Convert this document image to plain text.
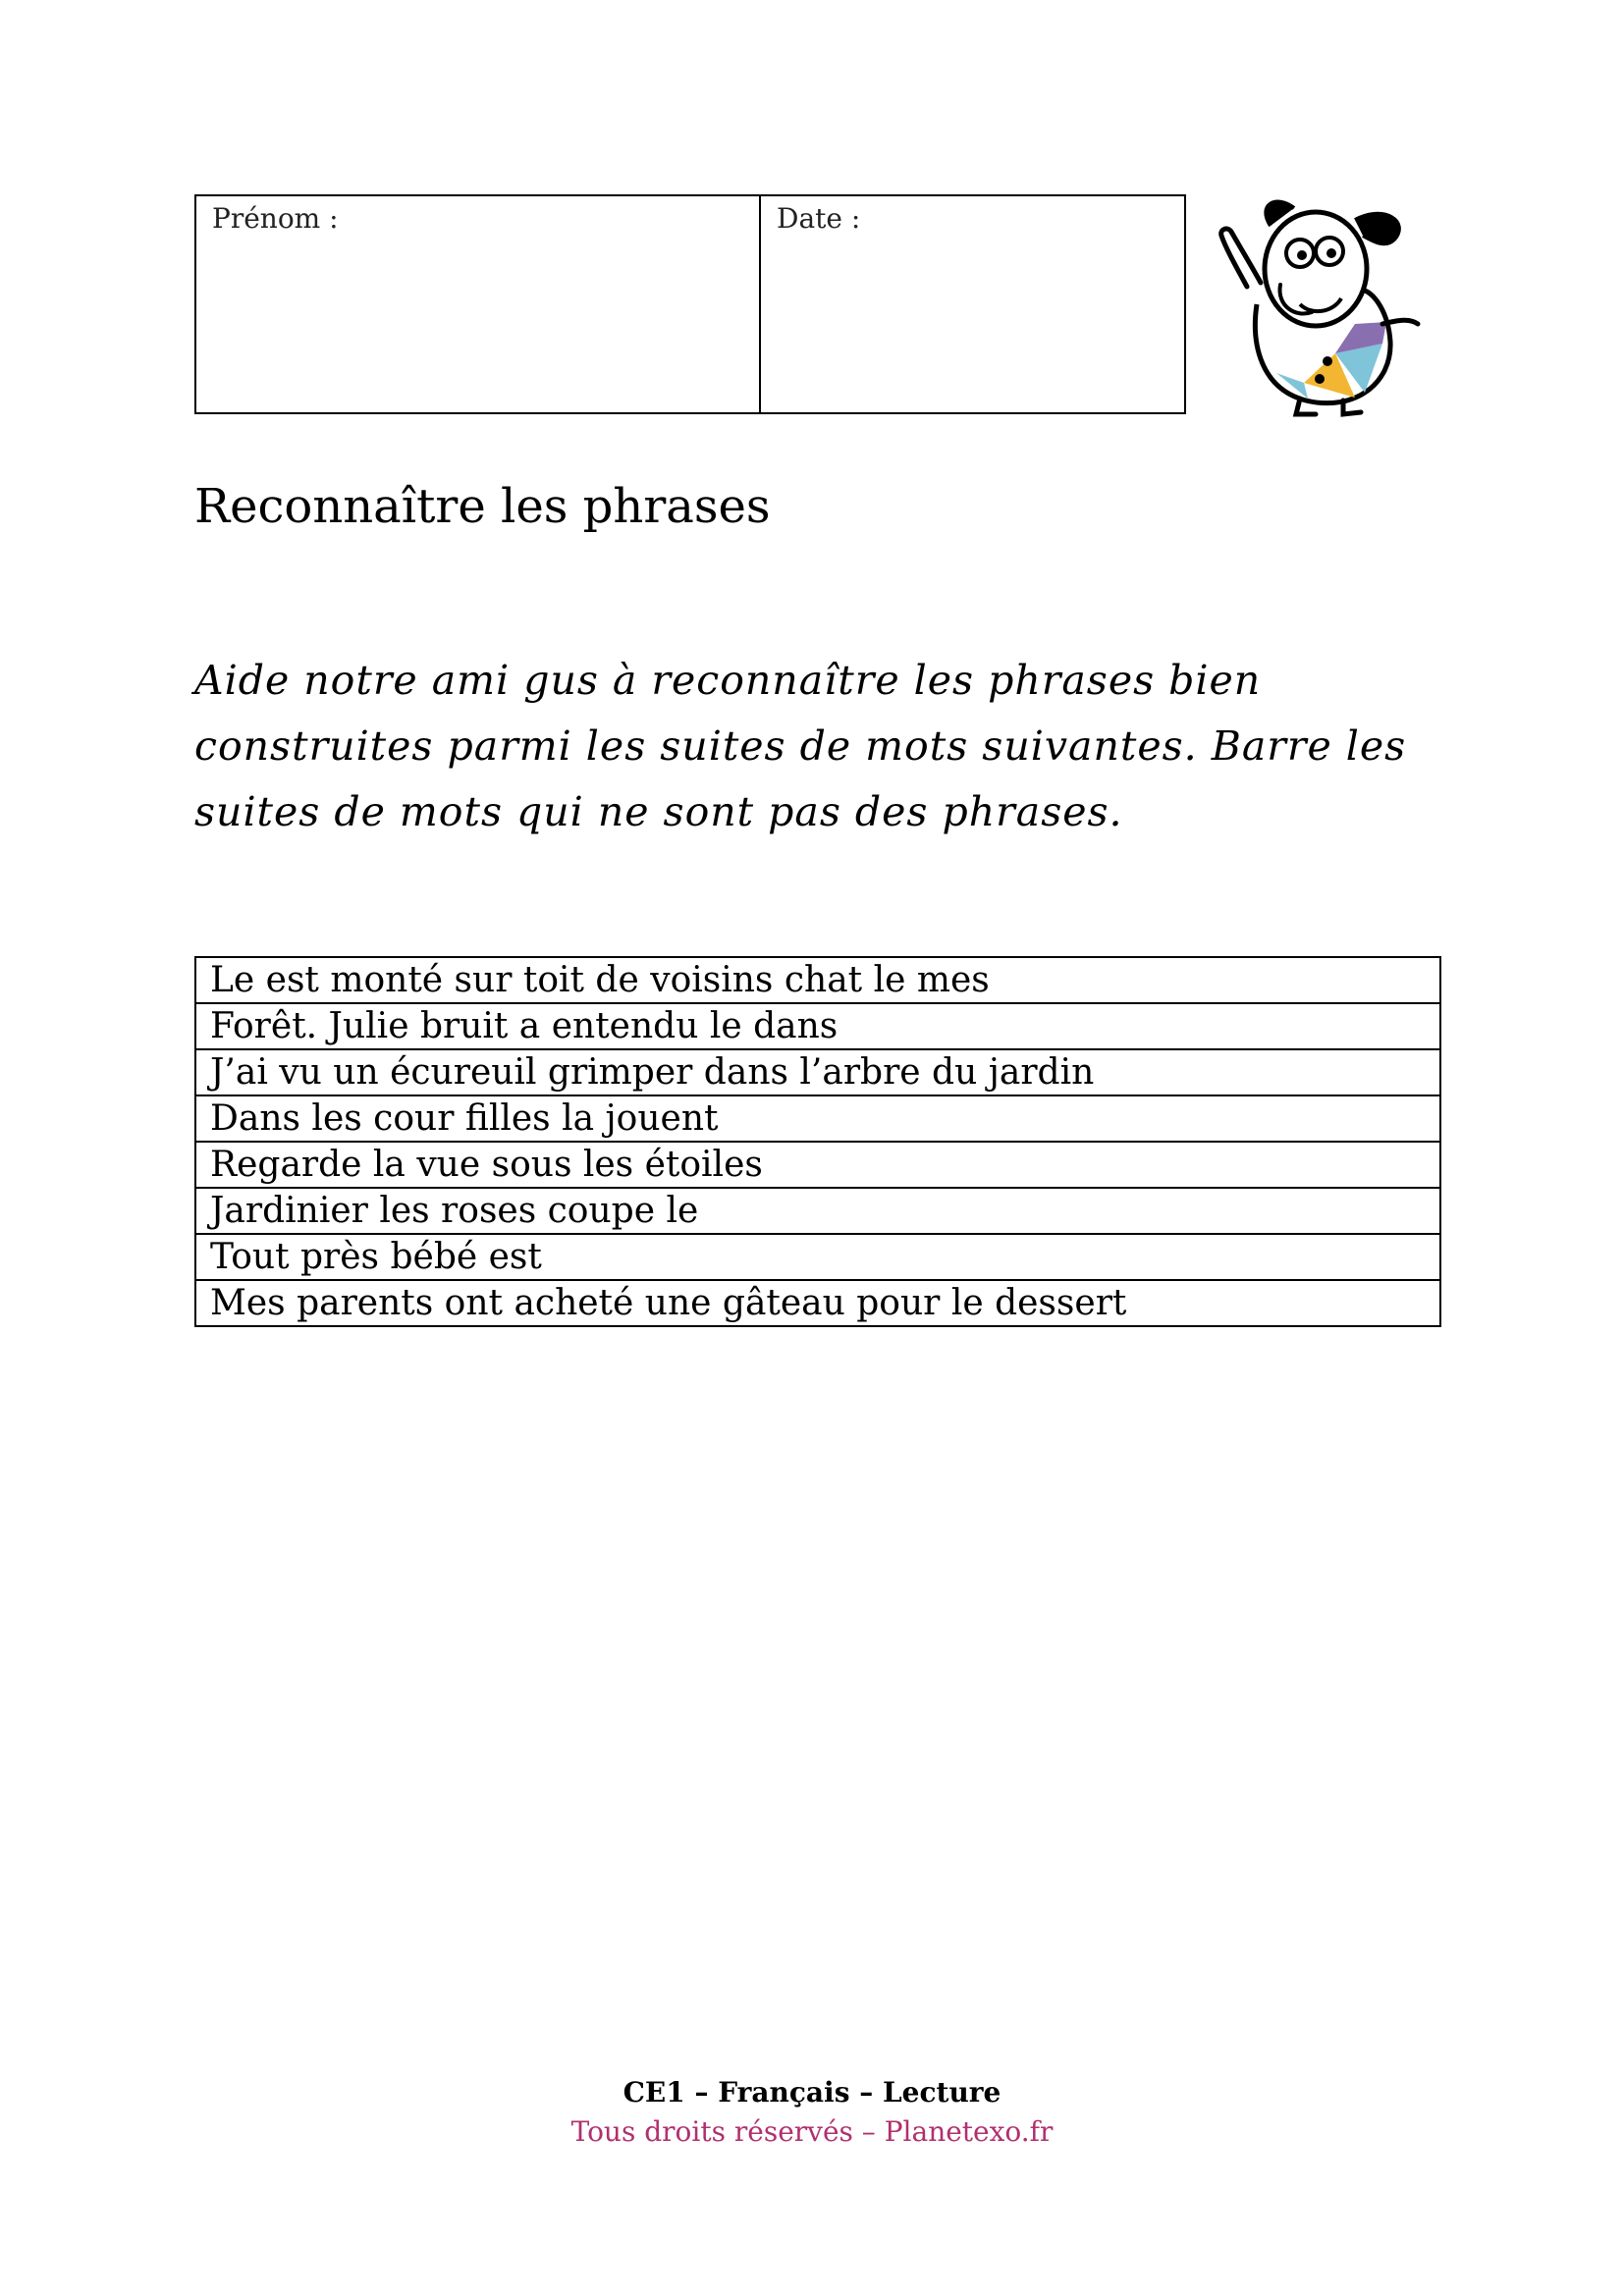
Prénom :	Date :
Reconnaître les phrases

Aide notre ami gus à reconnaître les phrases bien construites parmi les suites de mots suivantes. Barre les suites de mots qui ne sont pas des phrases.

Le est monté sur toit de voisins chat le mes
Forêt. Julie bruit a entendu le dans
J’ai vu un écureuil grimper dans l’arbre du jardin
Dans les cour filles la jouent
Regarde la vue sous les étoiles
Jardinier les roses coupe le
Tout près bébé est
Mes parents ont acheté une gâteau pour le dessert
CE1 – Français – Lecture
Tous droits réservés – Planetexo.fr
